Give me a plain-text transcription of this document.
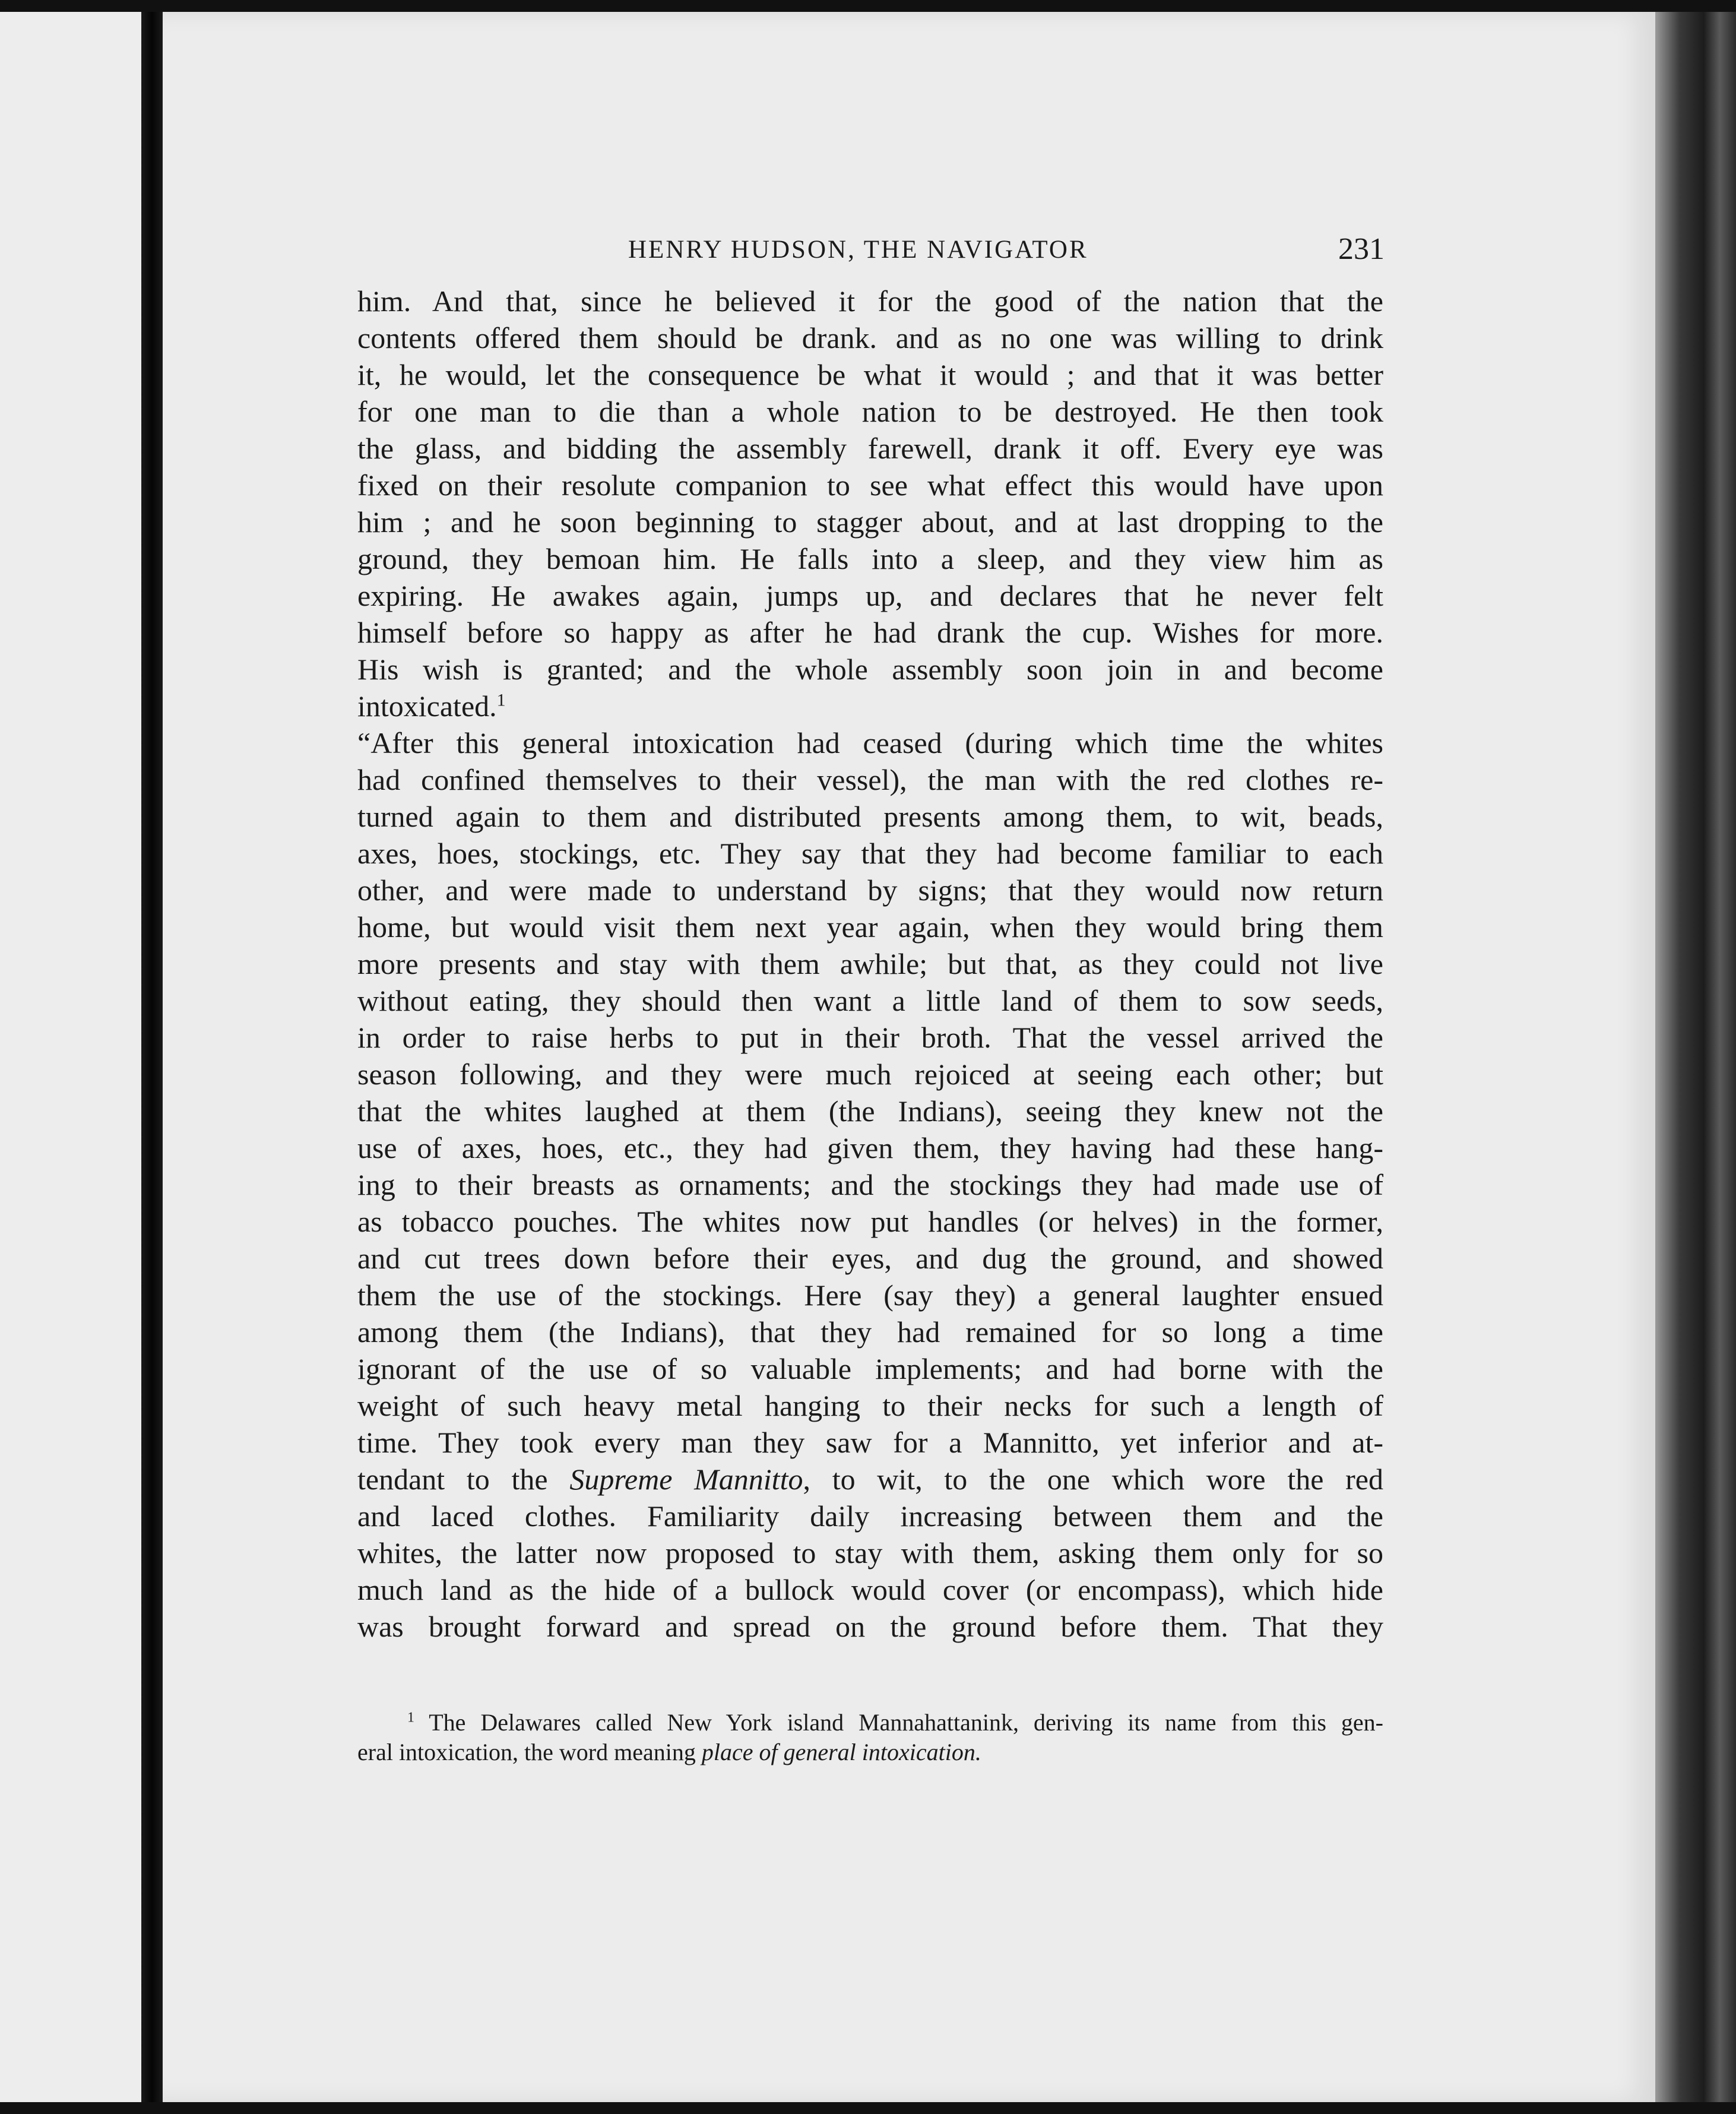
HENRY HUDSON, THE NAVIGATOR	231
him. And that, since he believed it for the good of the nation that the
contents offered them should be drank. and as no one was willing to drink
it, he would, let the consequence be what it would ; and that it was better
for one man to die than a whole nation to be destroyed. He then took
the glass, and bidding the assembly farewell, drank it off. Every eye was
fixed on their resolute companion to see what effect this would have upon
him ; and he soon beginning to stagger about, and at last dropping to the
ground, they bemoan him. He falls into a sleep, and they view him as
expiring. He awakes again, jumps up, and declares that he never felt
himself before so happy as after he had drank the cup. Wishes for more.
His wish is granted; and the whole assembly soon join in and become
intoxicated.$^1$
“After this general intoxication had ceased (during which time the whites
had confined themselves to their vessel), the man with the red clothes re-
turned again to them and distributed presents among them, to wit, beads,
axes, hoes, stockings, etc. They say that they had become familiar to each
other, and were made to understand by signs; that they would now return
home, but would visit them next year again, when they would bring them
more presents and stay with them awhile; but that, as they could not live
without eating, they should then want a little land of them to sow seeds,
in order to raise herbs to put in their broth. That the vessel arrived the
season following, and they were much rejoiced at seeing each other; but
that the whites laughed at them (the Indians), seeing they knew not the
use of axes, hoes, etc., they had given them, they having had these hang-
ing to their breasts as ornaments; and the stockings they had made use of
as tobacco pouches. The whites now put handles (or helves) in the former,
and cut trees down before their eyes, and dug the ground, and showed
them the use of the stockings. Here (say they) a general laughter ensued
among them (the Indians), that they had remained for so long a time
ignorant of the use of so valuable implements; and had borne with the
weight of such heavy metal hanging to their necks for such a length of
time. They took every man they saw for a Mannitto, yet inferior and at-
tendant to the Supreme Mannitto, to wit, to the one which wore the red
and laced clothes. Familiarity daily increasing between them and the
whites, the latter now proposed to stay with them, asking them only for so
much land as the hide of a bullock would cover (or encompass), which hide
was brought forward and spread on the ground before them. That they
$^1$ The Delawares called New York island Mannahattanink, deriving its name from this gen-
eral intoxication, the word meaning place of general intoxication.
